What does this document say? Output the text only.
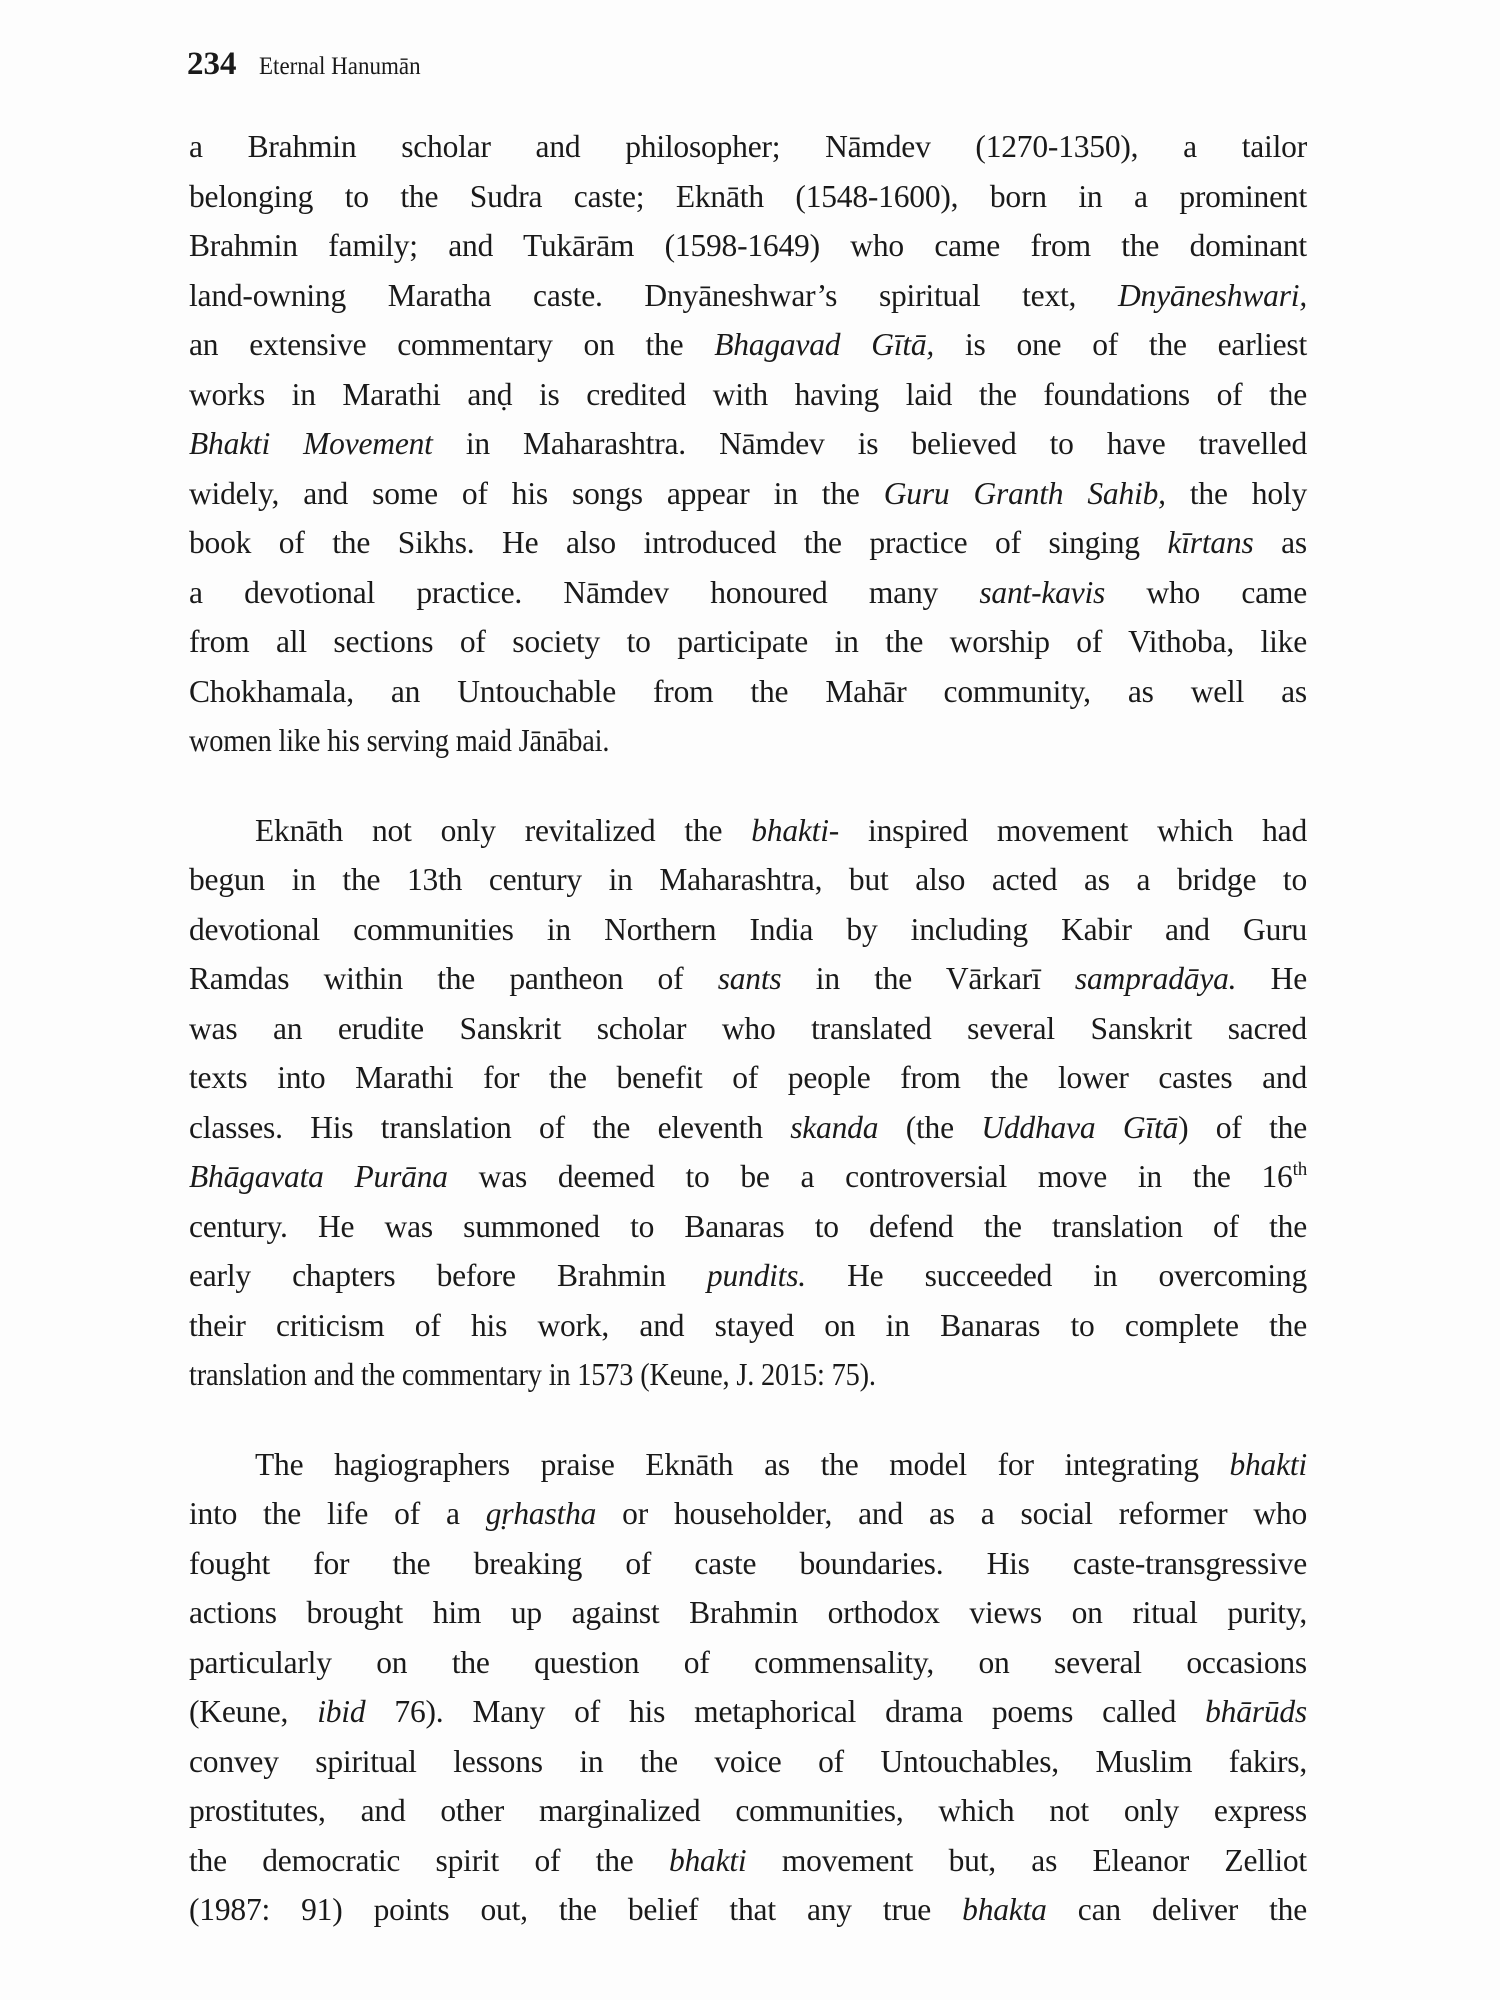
234 Eternal Hanumān
a Brahmin scholar and philosopher; Nāmdev (1270-1350), a tailor
belonging to the Sudra caste; Eknāth (1548-1600), born in a prominent
Brahmin family; and Tukārām (1598-1649) who came from the dominant
land-owning Maratha caste. Dnyāneshwar’s spiritual text, Dnyāneshwari,
an extensive commentary on the Bhagavad Gītā, is one of the earliest
works in Marathi anḍ is credited with having laid the foundations of the
Bhakti Movement in Maharashtra. Nāmdev is believed to have travelled
widely, and some of his songs appear in the Guru Granth Sahib, the holy
book of the Sikhs. He also introduced the practice of singing kīrtans as
a devotional practice. Nāmdev honoured many sant-kavis who came
from all sections of society to participate in the worship of Vithoba, like
Chokhamala, an Untouchable from the Mahār community, as well as
women like his serving maid Jānābai.
Eknāth not only revitalized the bhakti- inspired movement which had
begun in the 13th century in Maharashtra, but also acted as a bridge to
devotional communities in Northern India by including Kabir and Guru
Ramdas within the pantheon of sants in the Vārkarī sampradāya. He
was an erudite Sanskrit scholar who translated several Sanskrit sacred
texts into Marathi for the benefit of people from the lower castes and
classes. His translation of the eleventh skanda (the Uddhava Gītā) of the
Bhāgavata Purāna was deemed to be a controversial move in the 16th
century. He was summoned to Banaras to defend the translation of the
early chapters before Brahmin pundits. He succeeded in overcoming
their criticism of his work, and stayed on in Banaras to complete the
translation and the commentary in 1573 (Keune, J. 2015: 75).
The hagiographers praise Eknāth as the model for integrating bhakti
into the life of a gṛhastha or householder, and as a social reformer who
fought for the breaking of caste boundaries. His caste-transgressive
actions brought him up against Brahmin orthodox views on ritual purity,
particularly on the question of commensality, on several occasions
(Keune, ibid 76). Many of his metaphorical drama poems called bhārūds
convey spiritual lessons in the voice of Untouchables, Muslim fakirs,
prostitutes, and other marginalized communities, which not only express
the democratic spirit of the bhakti movement but, as Eleanor Zelliot
(1987: 91) points out, the belief that any true bhakta can deliver the
